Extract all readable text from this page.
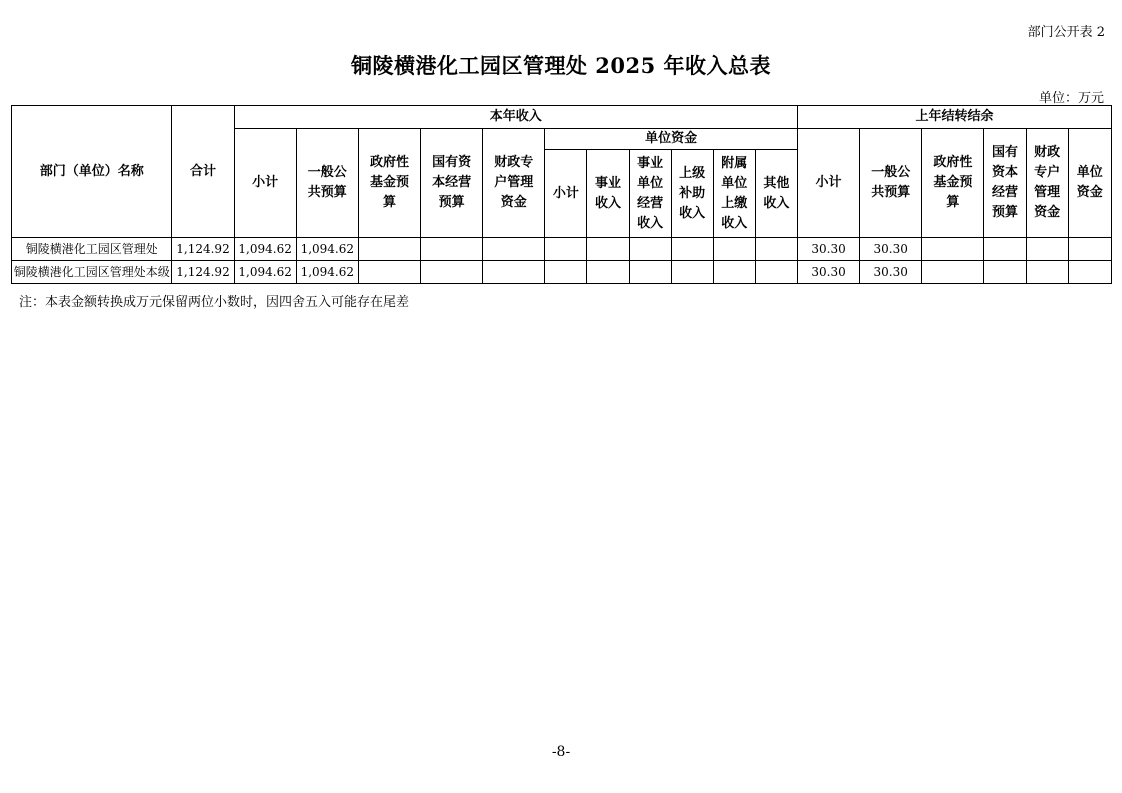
部门公开表 2
铜陵横港化工园区管理处 2025 年收入总表
单位：万元
部门（单位）名称	合计	本年收入											上年结转结余					
		小计	一般公共预算	政府性基金预算	国有资本经营预算	财政专户管理资金	单位资金						小计	一般公共预算	政府性基金预算	国有资本经营预算	财政专户管理资金	单位资金

							小计	事业收入	事业单位经营收入	上级补助收入	附属单位上缴收入	其他收入						

铜陵横港化工园区管理处	1,124.92	1,094.62	1,094.62										30.30	30.30				
铜陵横港化工园区管理处本级	1,124.92	1,094.62	1,094.62										30.30	30.30				
注：本表金额转换成万元保留两位小数时，因四舍五入可能存在尾差
-8-
